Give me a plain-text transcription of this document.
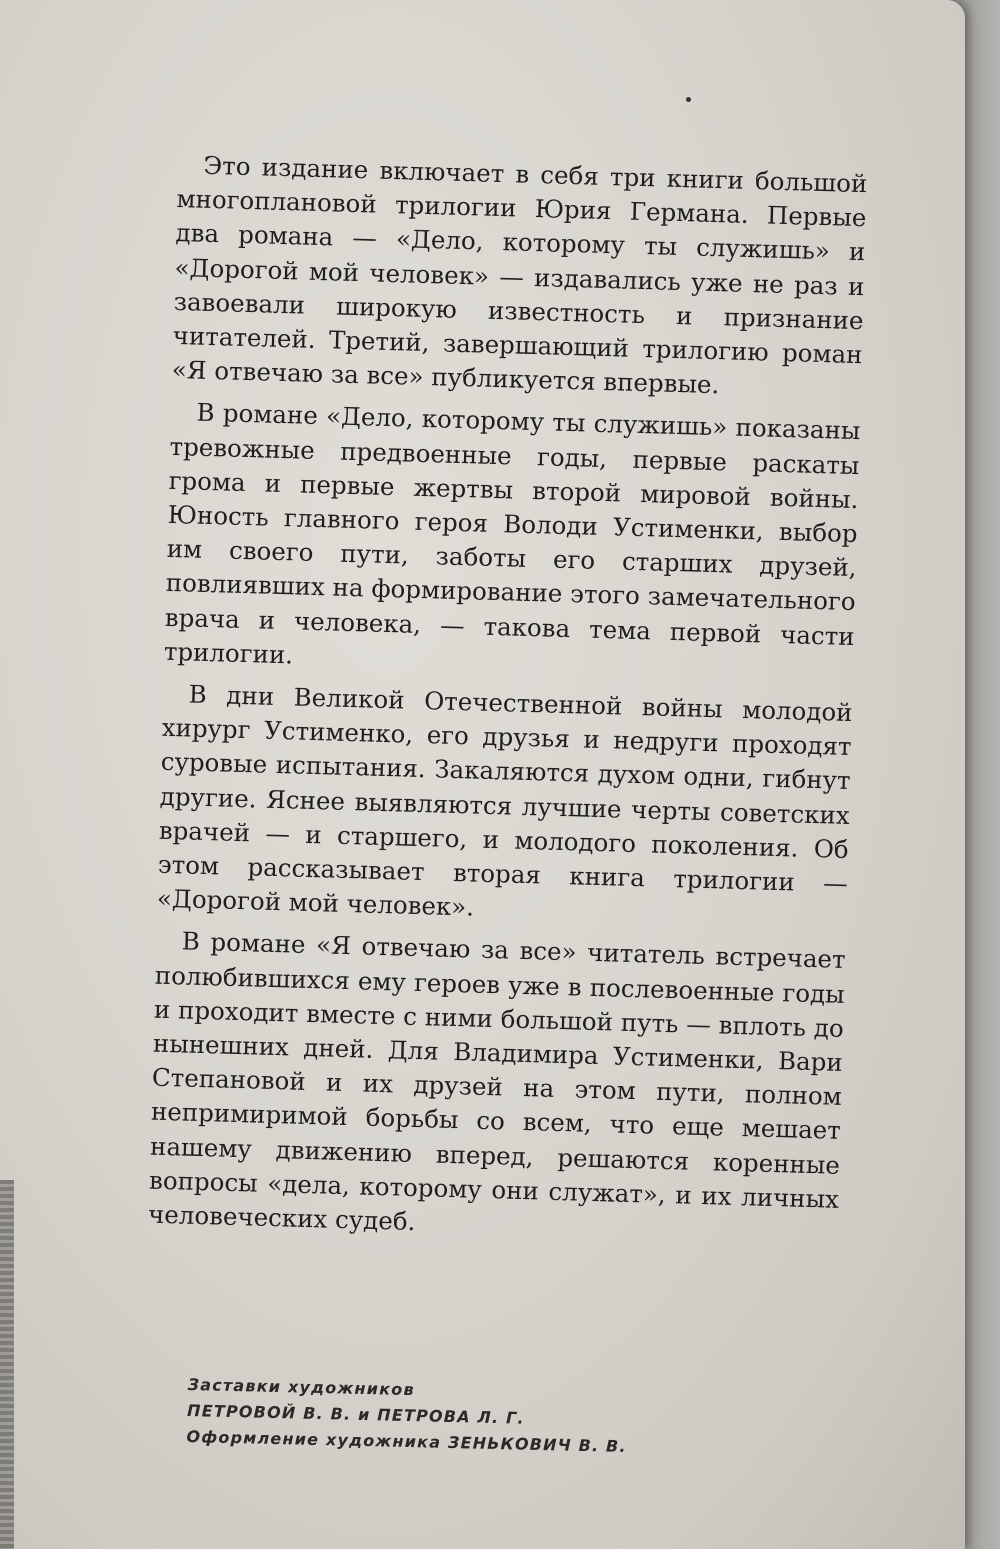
Это издание включает в себя три книги большой многоплановой трилогии Юрия Германа. Первые два романа — «Дело, которому ты служишь» и «Дорогой мой человек» — издавались уже не раз и завоевали широкую известность и признание читателей. Третий, завершающий трилогию роман «Я отвечаю за все» публикуется впервые.

В романе «Дело, которому ты служишь» показаны тревожные предвоенные годы, первые раскаты грома и первые жертвы второй мировой войны. Юность главного героя Володи Устименки, выбор им своего пути, заботы его старших друзей, повлиявших на формирование этого замечательного врача и человека, — такова тема первой части трилогии.

В дни Великой Отечественной войны молодой хирург Устименко, его друзья и недруги проходят суровые испытания. Закаляются духом одни, гибнут другие. Яснее выявляются лучшие черты советских врачей — и старшего, и молодого поколения. Об этом рассказывает вторая книга трилогии — «Дорогой мой человек».

В романе «Я отвечаю за все» читатель встречает полюбившихся ему героев уже в послевоенные годы и проходит вместе с ними большой путь — вплоть до нынешних дней. Для Владимира Устименки, Вари Степановой и их друзей на этом пути, полном непримиримой борьбы со всем, что еще мешает нашему движению вперед, решаются коренные вопросы «дела, которому они служат», и их личных человеческих судеб.

Заставки художников
ПЕТРОВОЙ В. В. и ПЕТРОВА Л. Г.
Оформление художника ЗЕНЬКОВИЧ В. В.
